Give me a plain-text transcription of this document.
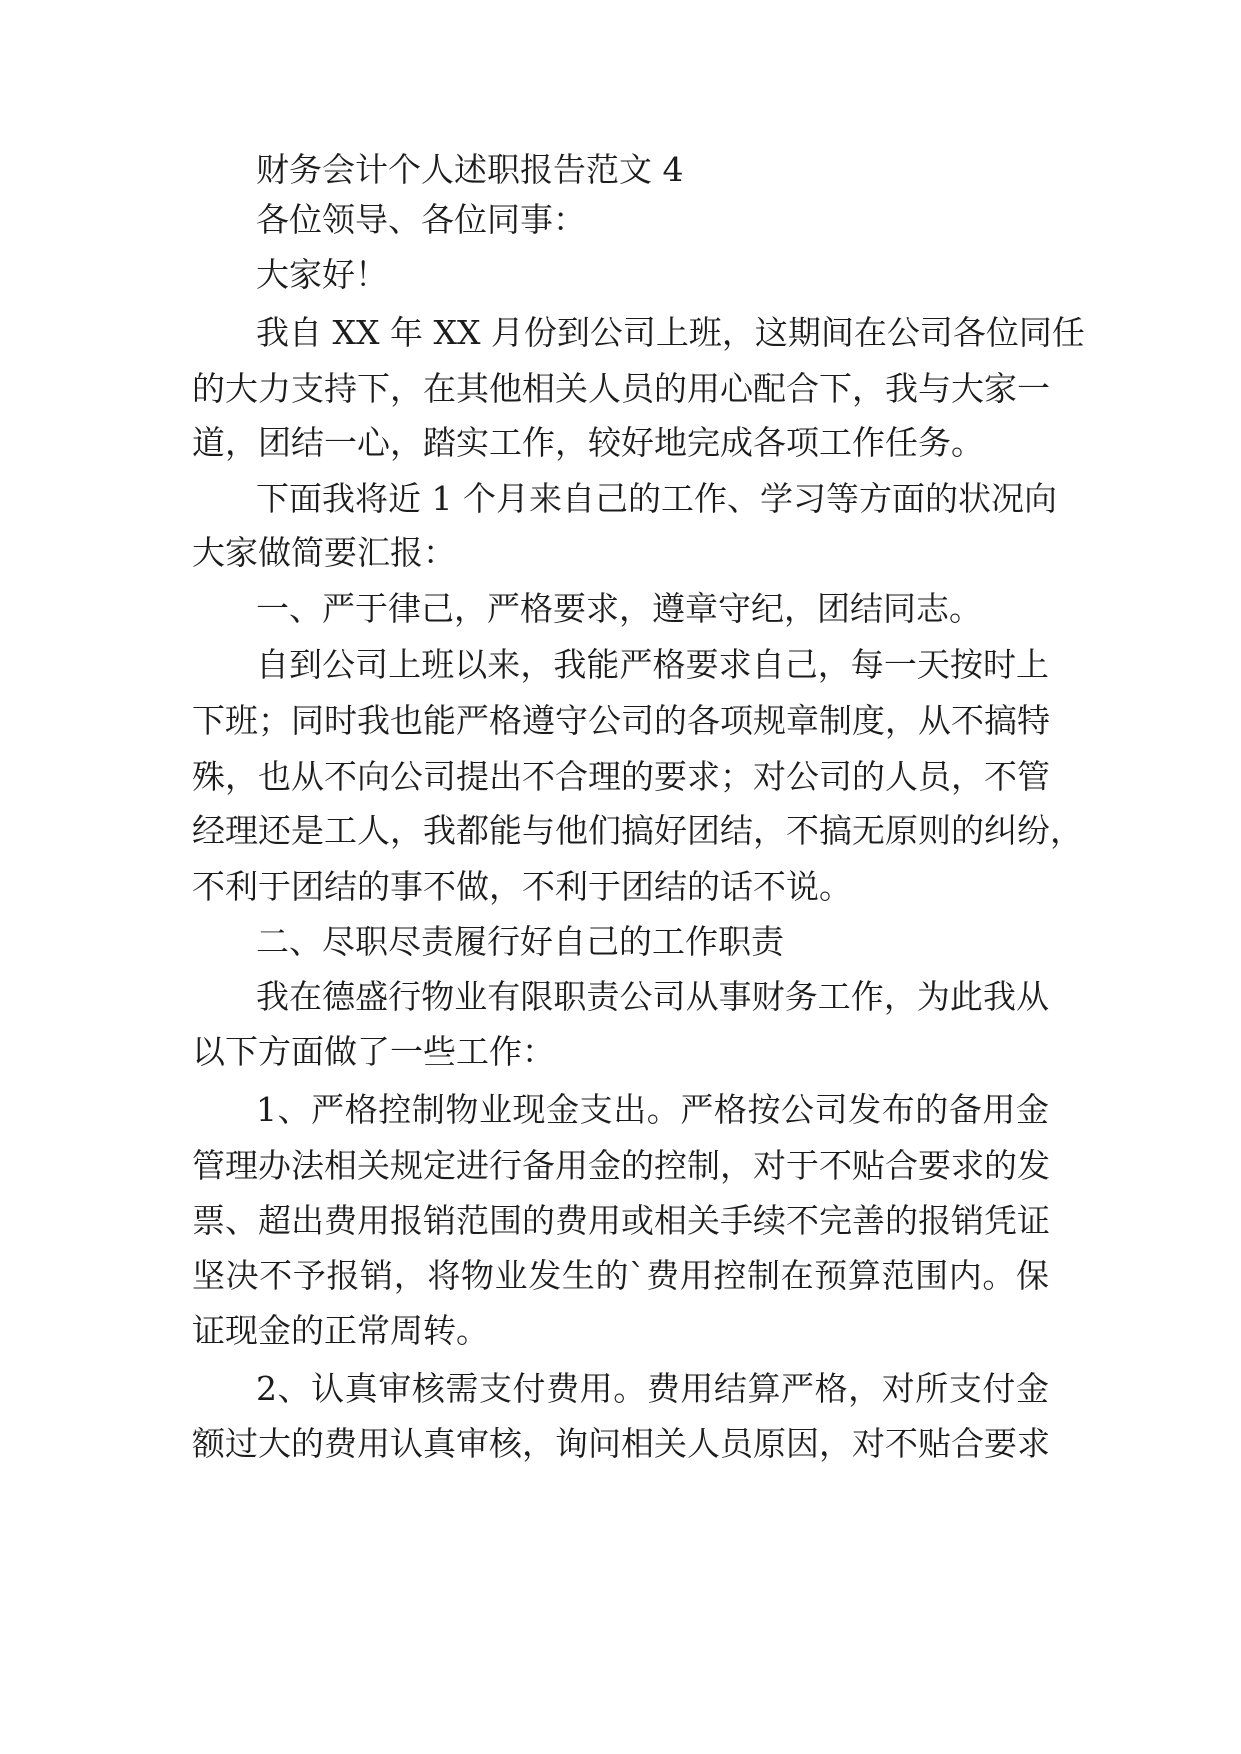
财务会计个人述职报告范文 4
各位领导、各位同事：
大家好！
我自 XX 年 XX 月份到公司上班，这期间在公司各位同任
的大力支持下，在其他相关人员的用心配合下，我与大家一
道，团结一心，踏实工作，较好地完成各项工作任务。
下面我将近 1 个月来自己的工作、学习等方面的状况向
大家做简要汇报：
一、严于律己，严格要求，遵章守纪，团结同志。
自到公司上班以来，我能严格要求自己，每一天按时上
下班；同时我也能严格遵守公司的各项规章制度，从不搞特
殊，也从不向公司提出不合理的要求；对公司的人员，不管
经理还是工人，我都能与他们搞好团结，不搞无原则的纠纷，
不利于团结的事不做，不利于团结的话不说。
二、尽职尽责履行好自己的工作职责
我在德盛行物业有限职责公司从事财务工作，为此我从
以下方面做了一些工作：
1、严格控制物业现金支出。严格按公司发布的备用金
管理办法相关规定进行备用金的控制，对于不贴合要求的发
票、超出费用报销范围的费用或相关手续不完善的报销凭证
坚决不予报销，将物业发生的`费用控制在预算范围内。保
证现金的正常周转。
2、认真审核需支付费用。费用结算严格，对所支付金
额过大的费用认真审核，询问相关人员原因，对不贴合要求
